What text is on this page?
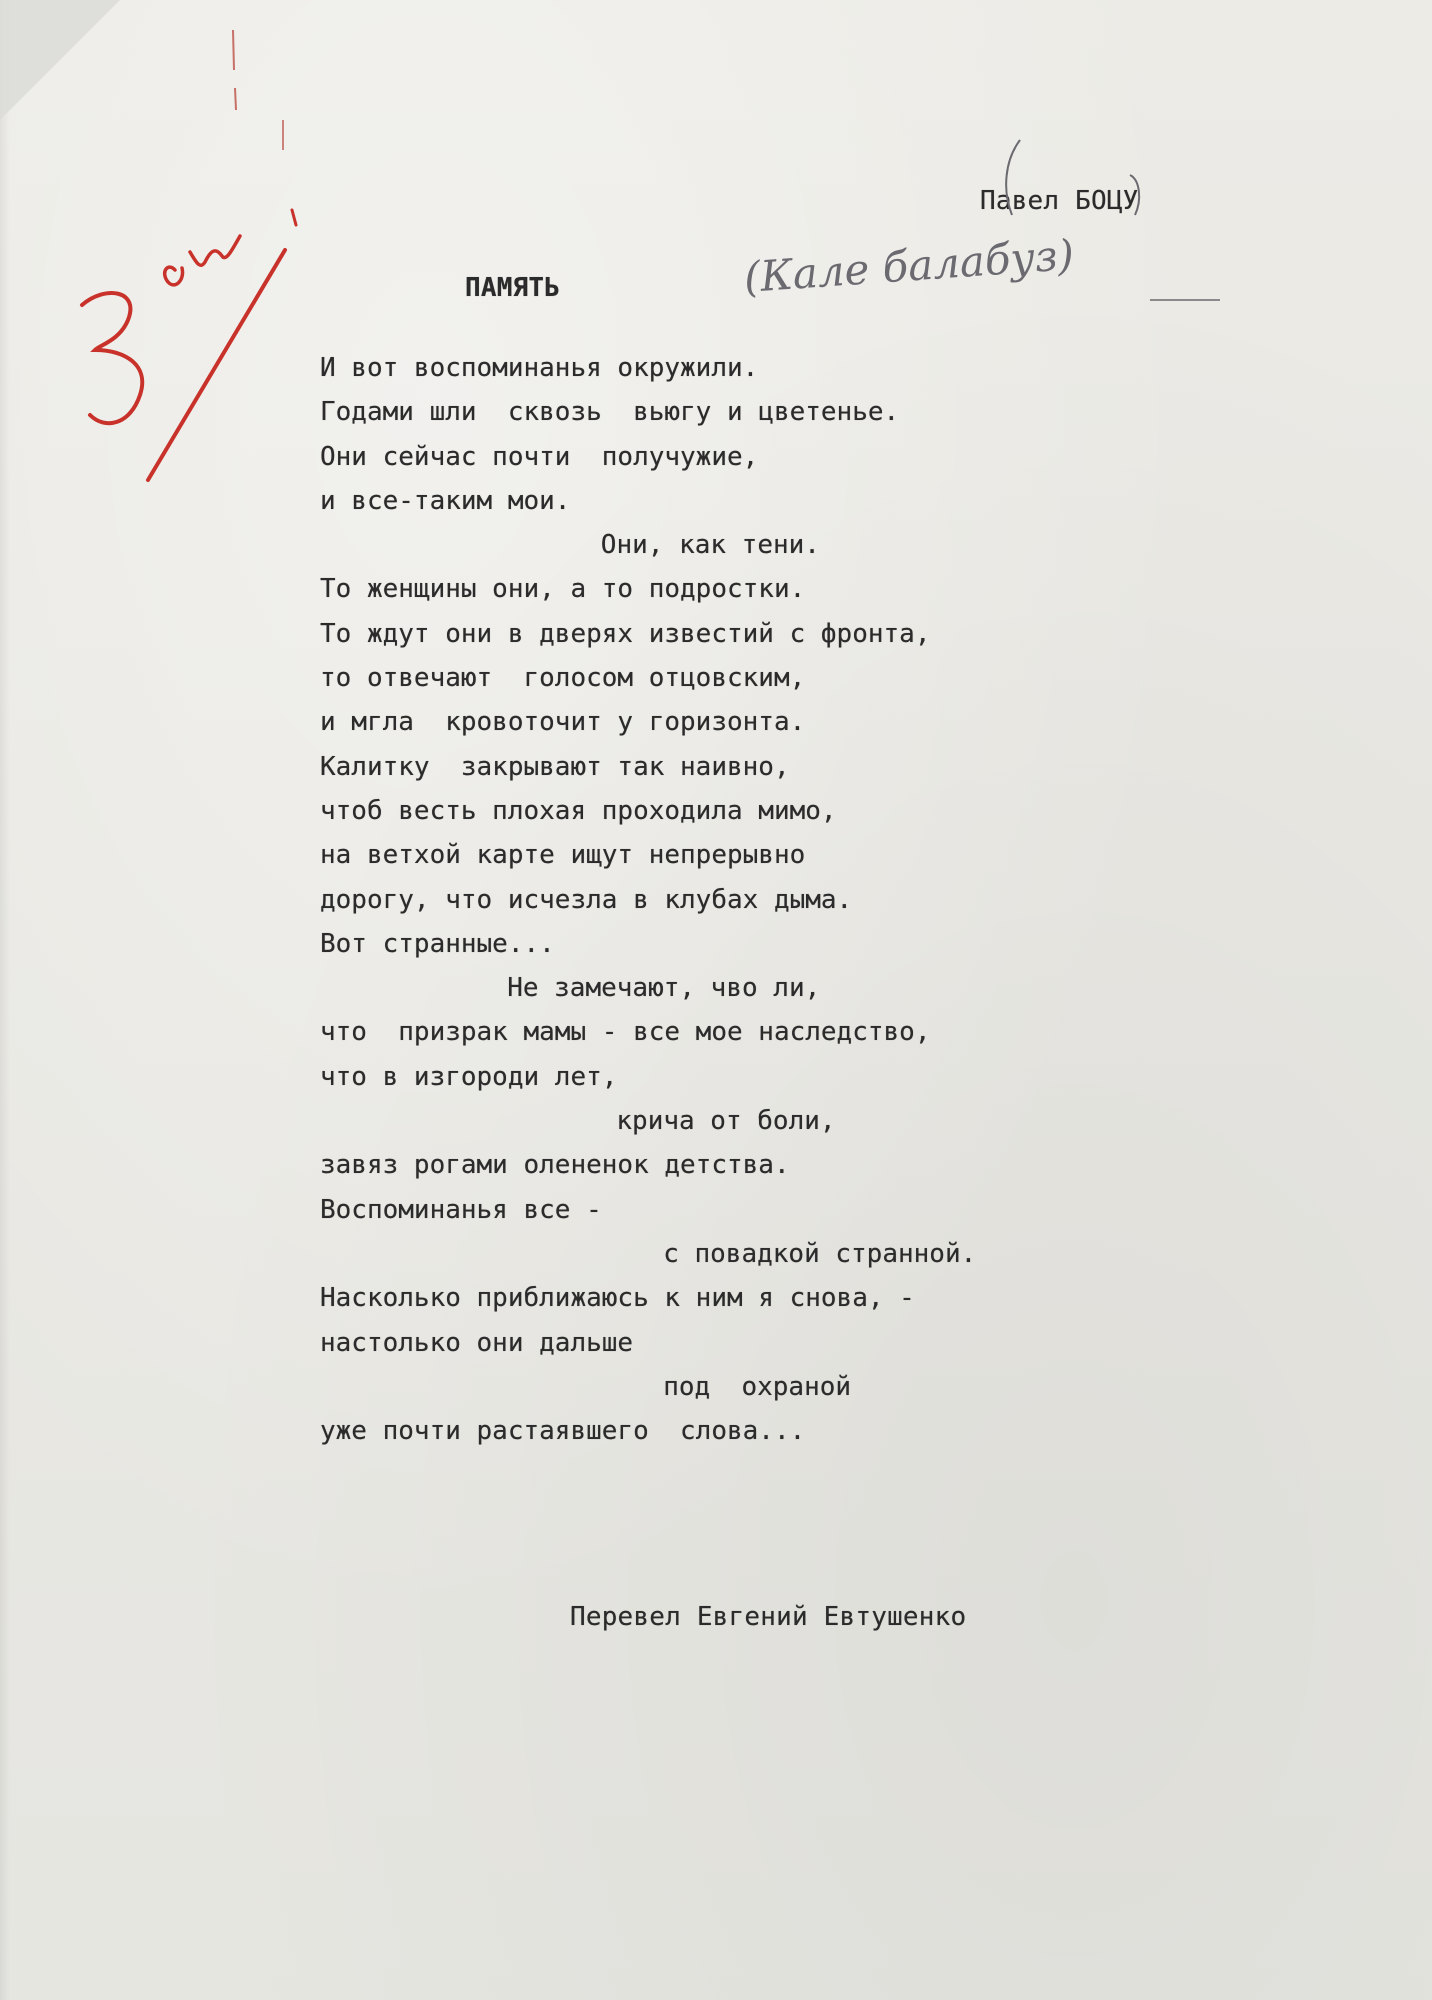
Павел БОЦУ
ПАМЯТЬ
И вот воспоминанья окружили.
Годами шли  сквозь  вьюгу и цветенье.
Они сейчас почти  получужие,
и все-таким мои.
Они, как тени.
То женщины они, а то подростки.
То ждут они в дверях известий с фронта,
то отвечают  голосом отцовским,
и мгла  кровоточит у горизонта.
Калитку  закрывают так наивно,
чтоб весть плохая проходила мимо,
на ветхой карте ищут непрерывно
дорогу, что исчезла в клубах дыма.
Вот странные...
Не замечают, чво ли,
что  призрак мамы - все мое наследство,
что в изгороди лет,
крича от боли,
завяз рогами олененок детства.
Воспоминанья все -
с повадкой странной.
Насколько приближаюсь к ним я снова, -
настолько они дальше
под  охраной
уже почти растаявшего  слова...
Перевел Евгений Евтушенко
(Кале балабуз)
